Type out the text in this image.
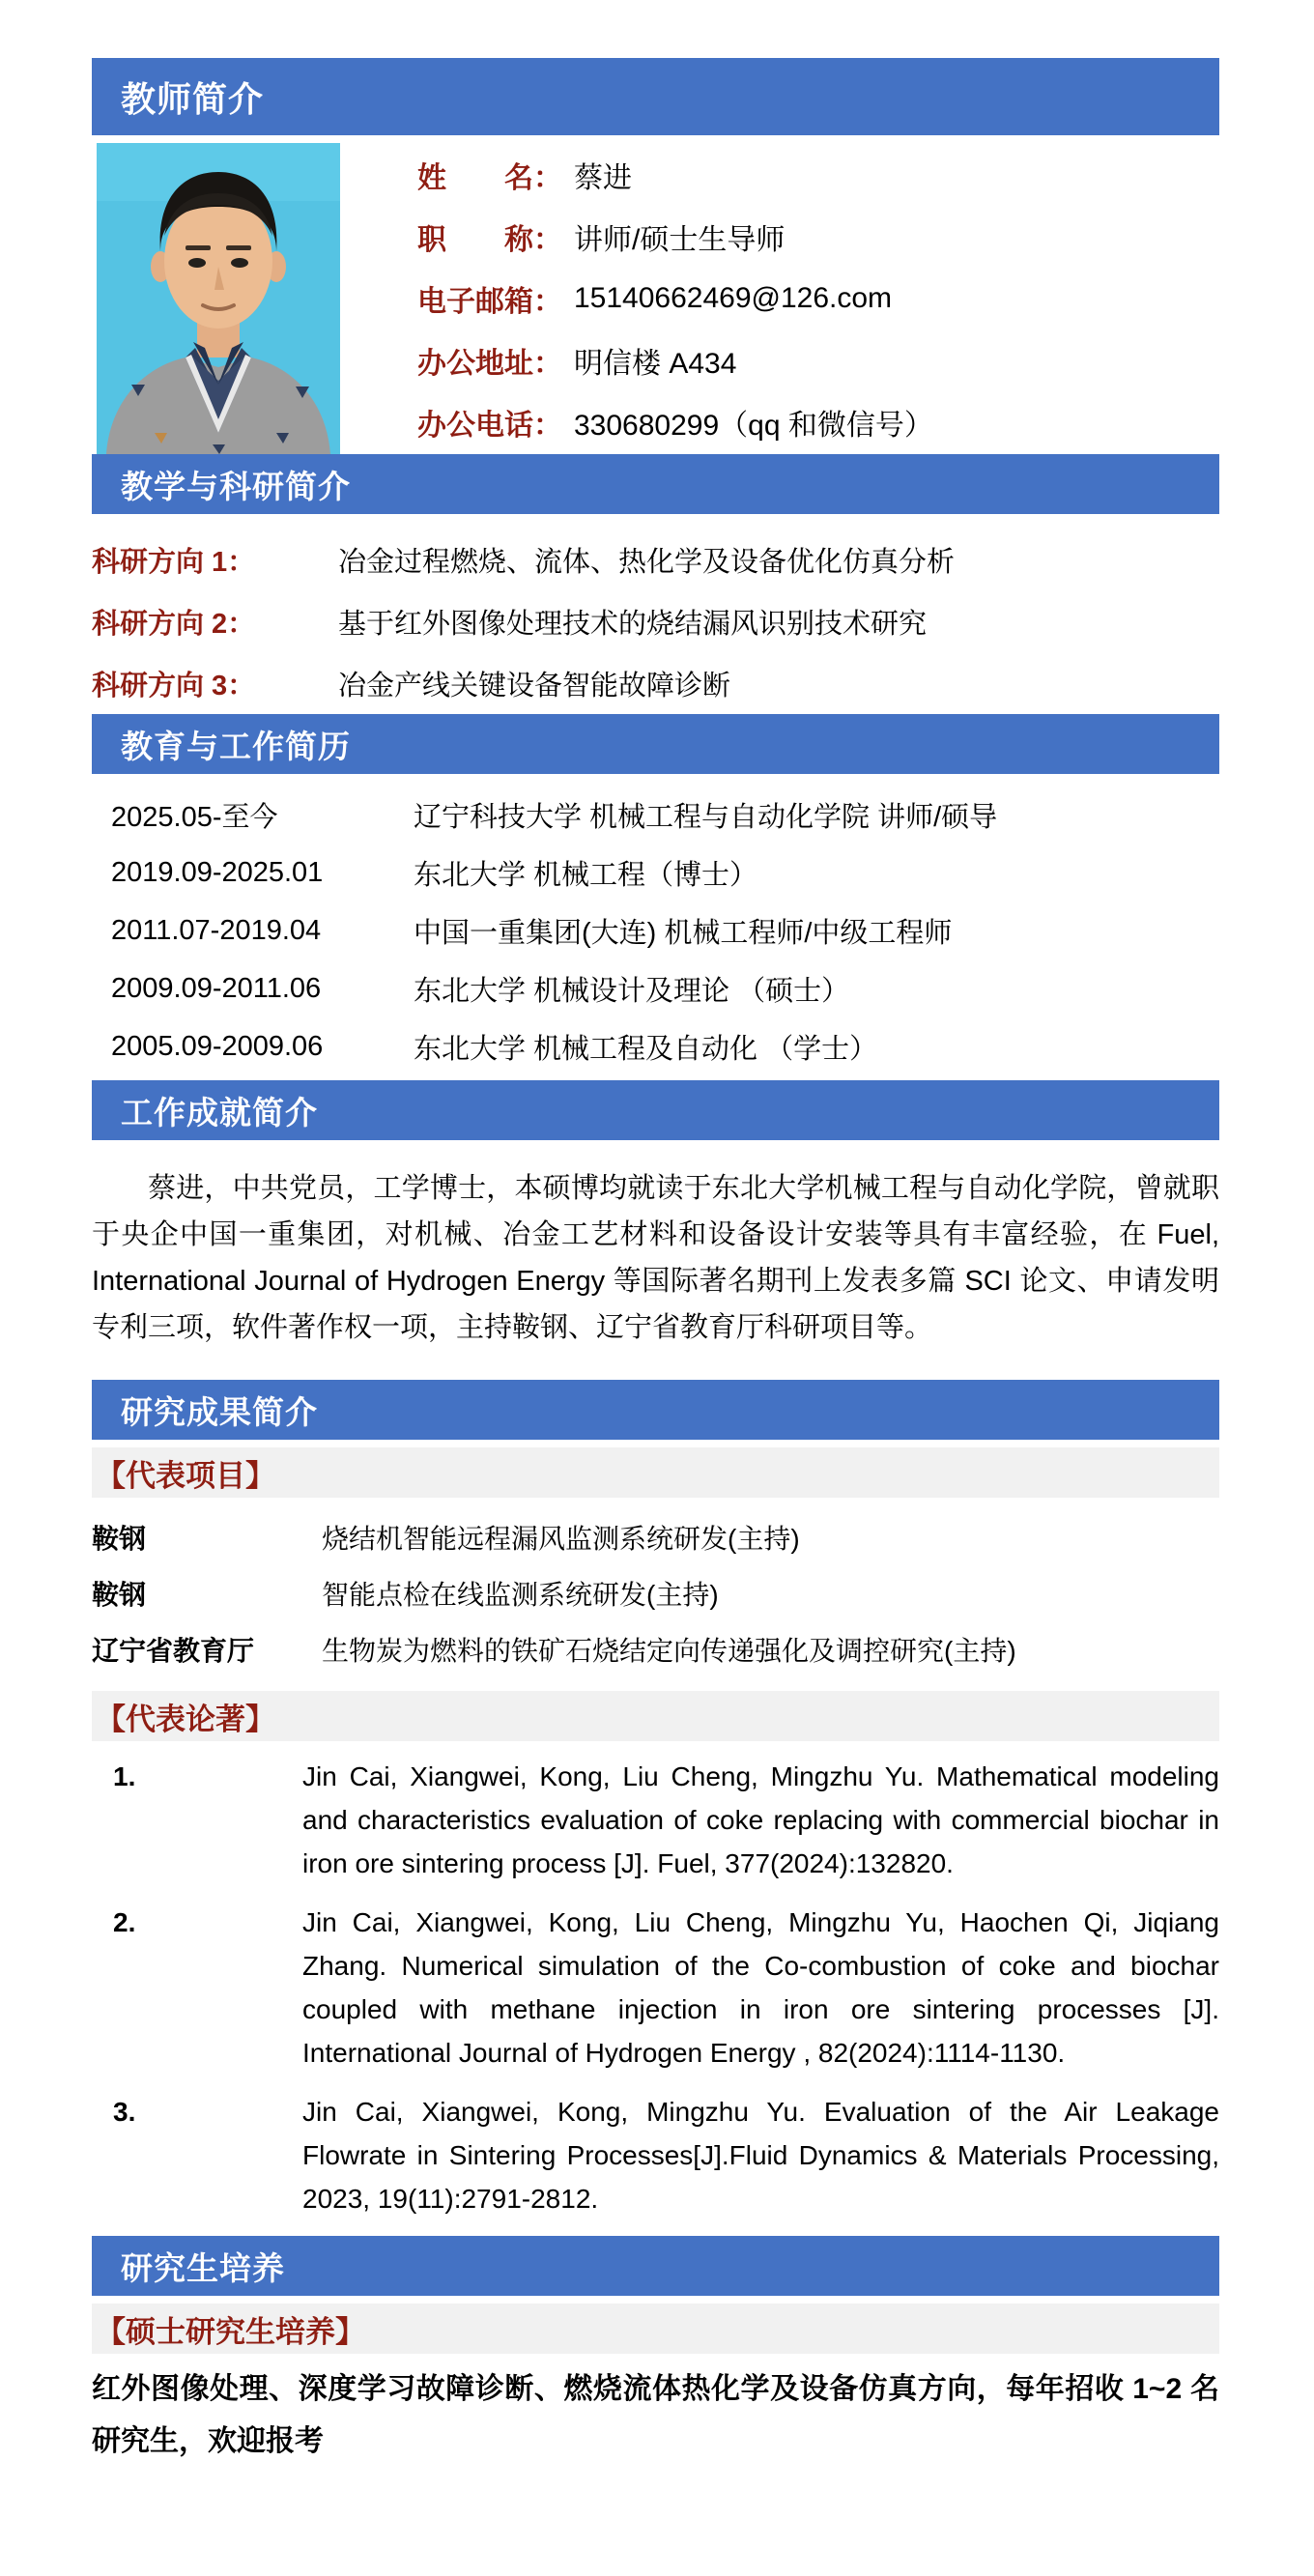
教师简介
姓　　名： 蔡进
职　　称： 讲师/硕士生导师
电子邮箱： 15140662469@126.com
办公地址： 明信楼 A434
办公电话： 330680299（qq 和微信号）
教学与科研简介
科研方向 1：	冶金过程燃烧、流体、热化学及设备优化仿真分析
科研方向 2：	基于红外图像处理技术的烧结漏风识别技术研究
科研方向 3：	冶金产线关键设备智能故障诊断
教育与工作简历
2025.05-至今	辽宁科技大学 机械工程与自动化学院 讲师/硕导
2019.09-2025.01	东北大学 机械工程（博士）
2011.07-2019.04	中国一重集团(大连) 机械工程师/中级工程师
2009.09-2011.06	东北大学 机械设计及理论 （硕士）
2005.09-2009.06	东北大学 机械工程及自动化 （学士）
工作成就简介

蔡进，中共党员，工学博士，本硕博均就读于东北大学机械工程与自动化学院，曾就职于央企中国一重集团，对机械、冶金工艺材料和设备设计安装等具有丰富经验，在 Fuel, International Journal of Hydrogen Energy 等国际著名期刊上发表多篇 SCI 论文、申请发明专利三项，软件著作权一项，主持鞍钢、辽宁省教育厅科研项目等。

研究成果简介
【代表项目】
鞍钢	烧结机智能远程漏风监测系统研发(主持)
鞍钢	智能点检在线监测系统研发(主持)
辽宁省教育厅	生物炭为燃料的铁矿石烧结定向传递强化及调控研究(主持)
【代表论著】
1.	Jin Cai, Xiangwei, Kong, Liu Cheng, Mingzhu Yu. Mathematical modeling and characteristics evaluation of coke replacing with commercial biochar in iron ore sintering process [J]. Fuel, 377(2024):132820.
2.	Jin Cai, Xiangwei, Kong, Liu Cheng, Mingzhu Yu, Haochen Qi, Jiqiang Zhang. Numerical simulation of the Co-combustion of coke and biochar coupled with methane injection in iron ore sintering processes [J]. International Journal of Hydrogen Energy , 82(2024):1114-1130.
3.	Jin Cai, Xiangwei, Kong, Mingzhu Yu. Evaluation of the Air Leakage Flowrate in Sintering Processes[J].Fluid Dynamics & Materials Processing, 2023, 19(11):2791-2812.
研究生培养
【硕士研究生培养】

红外图像处理、深度学习故障诊断、燃烧流体热化学及设备仿真方向，每年招收 1~2 名研究生，欢迎报考
